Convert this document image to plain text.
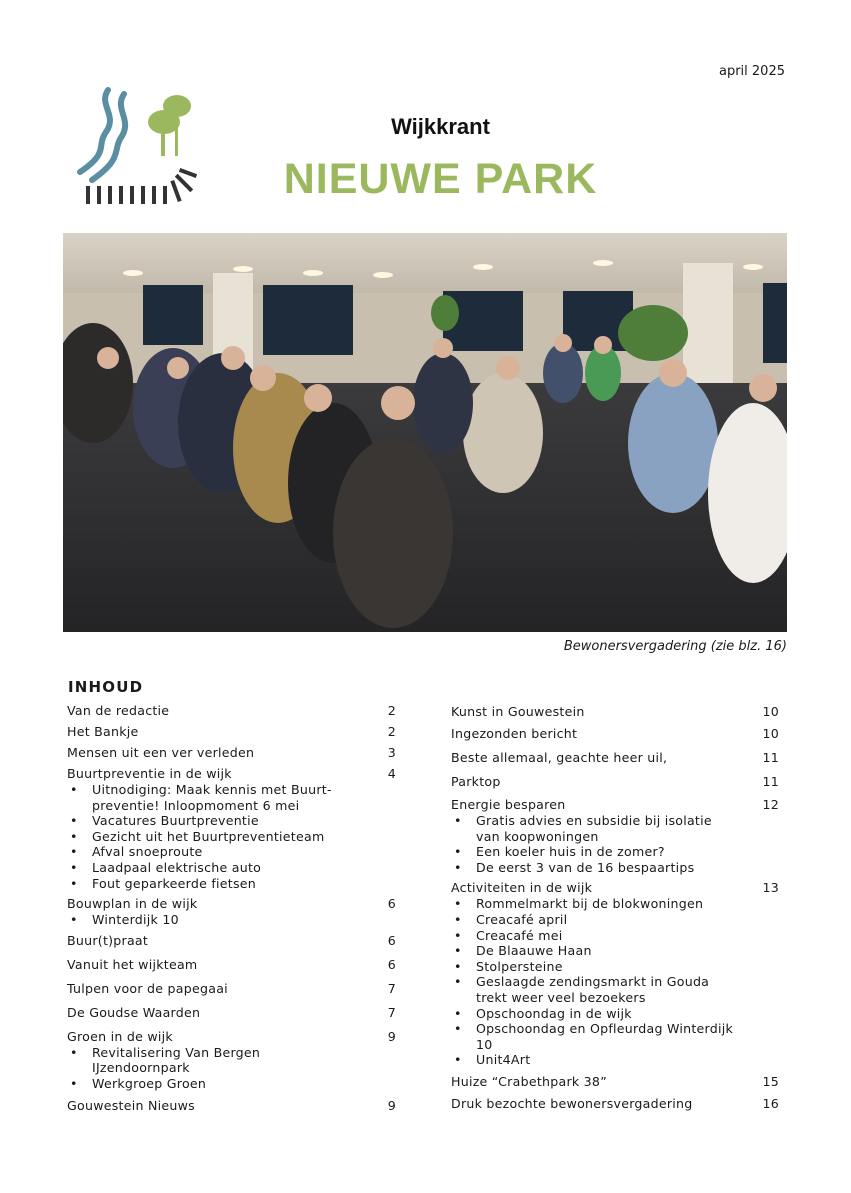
april 2025
Wijkkrant
NIEUWE PARK
Bewonersvergadering (zie blz. 16)
INHOUD
Van de redactie	2
Het Bankje	2
Mensen uit een ver verleden	3
Buurtpreventie in de wijk	4
• Uitnodiging: Maak kennis met Buurt-preventie! Inloopmoment 6 mei
• Vacatures Buurtpreventie
• Gezicht uit het Buurtpreventieteam
• Afval snoeproute
• Laadpaal elektrische auto
• Fout geparkeerde fietsen
Bouwplan in de wijk	6
• Winterdijk 10
Buur(t)praat	6
Vanuit het wijkteam	6
Tulpen voor de papegaai	7
De Goudse Waarden	7
Groen in de wijk	9
• Revitalisering Van Bergen IJzendoornpark
• Werkgroep Groen
Gouwestein Nieuws	9
Kunst in Gouwestein	10
Ingezonden bericht	10
Beste allemaal, geachte heer uil,	11
Parktop	11
Energie besparen	12
• Gratis advies en subsidie bij isolatie van koopwoningen
• Een koeler huis in de zomer?
• De eerst 3 van de 16 bespaartips
Activiteiten in de wijk	13
• Rommelmarkt bij de blokwoningen
• Creacafé april
• Creacafé mei
• De Blaauwe Haan
• Stolpersteine
• Geslaagde zendingsmarkt in Gouda trekt weer veel bezoekers
• Opschoondag in de wijk
• Opschoondag en Opfleurdag Winterdijk 10
• Unit4Art
Huize “Crabethpark 38”	15
Druk bezochte bewonersvergadering	16
